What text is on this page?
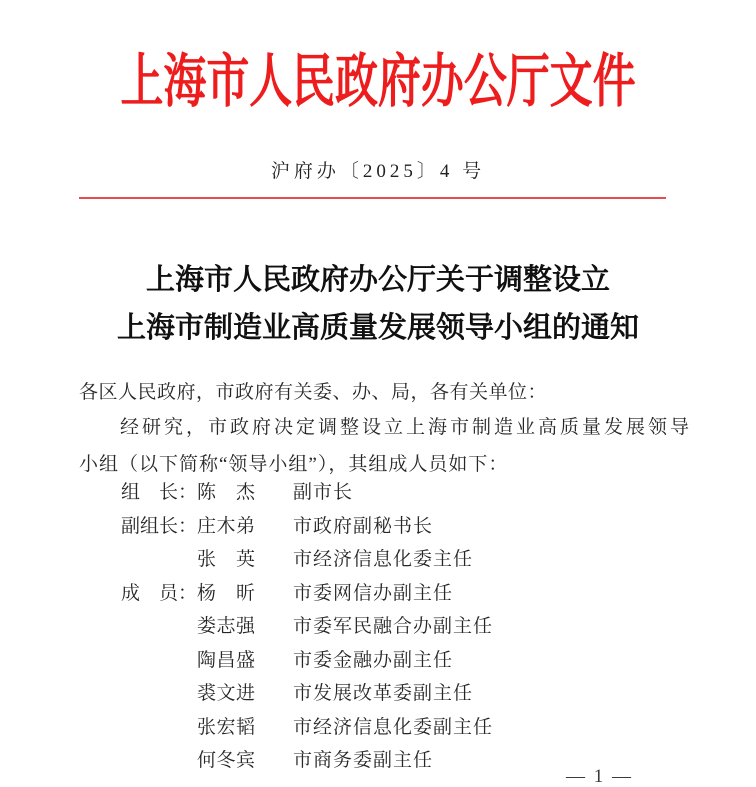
上海市人民政府办公厅文件
沪府办〔2025〕4 号
上海市人民政府办公厅关于调整设立
上海市制造业高质量发展领导小组的通知
各区人民政府，市政府有关委、办、局，各有关单位：
经研究，市政府决定调整设立上海市制造业高质量发展领导
小组（以下简称“领导小组”），其组成人员如下：
组　长： 陈　杰 副市长
副组长： 庄木弟 市政府副秘书长
张　英 市经济信息化委主任
成　员： 杨　昕 市委网信办副主任
娄志强 市委军民融合办副主任
陶昌盛 市委金融办副主任
裘文进 市发展改革委副主任
张宏韬 市经济信息化委副主任
何冬宾 市商务委副主任
— 1 —
